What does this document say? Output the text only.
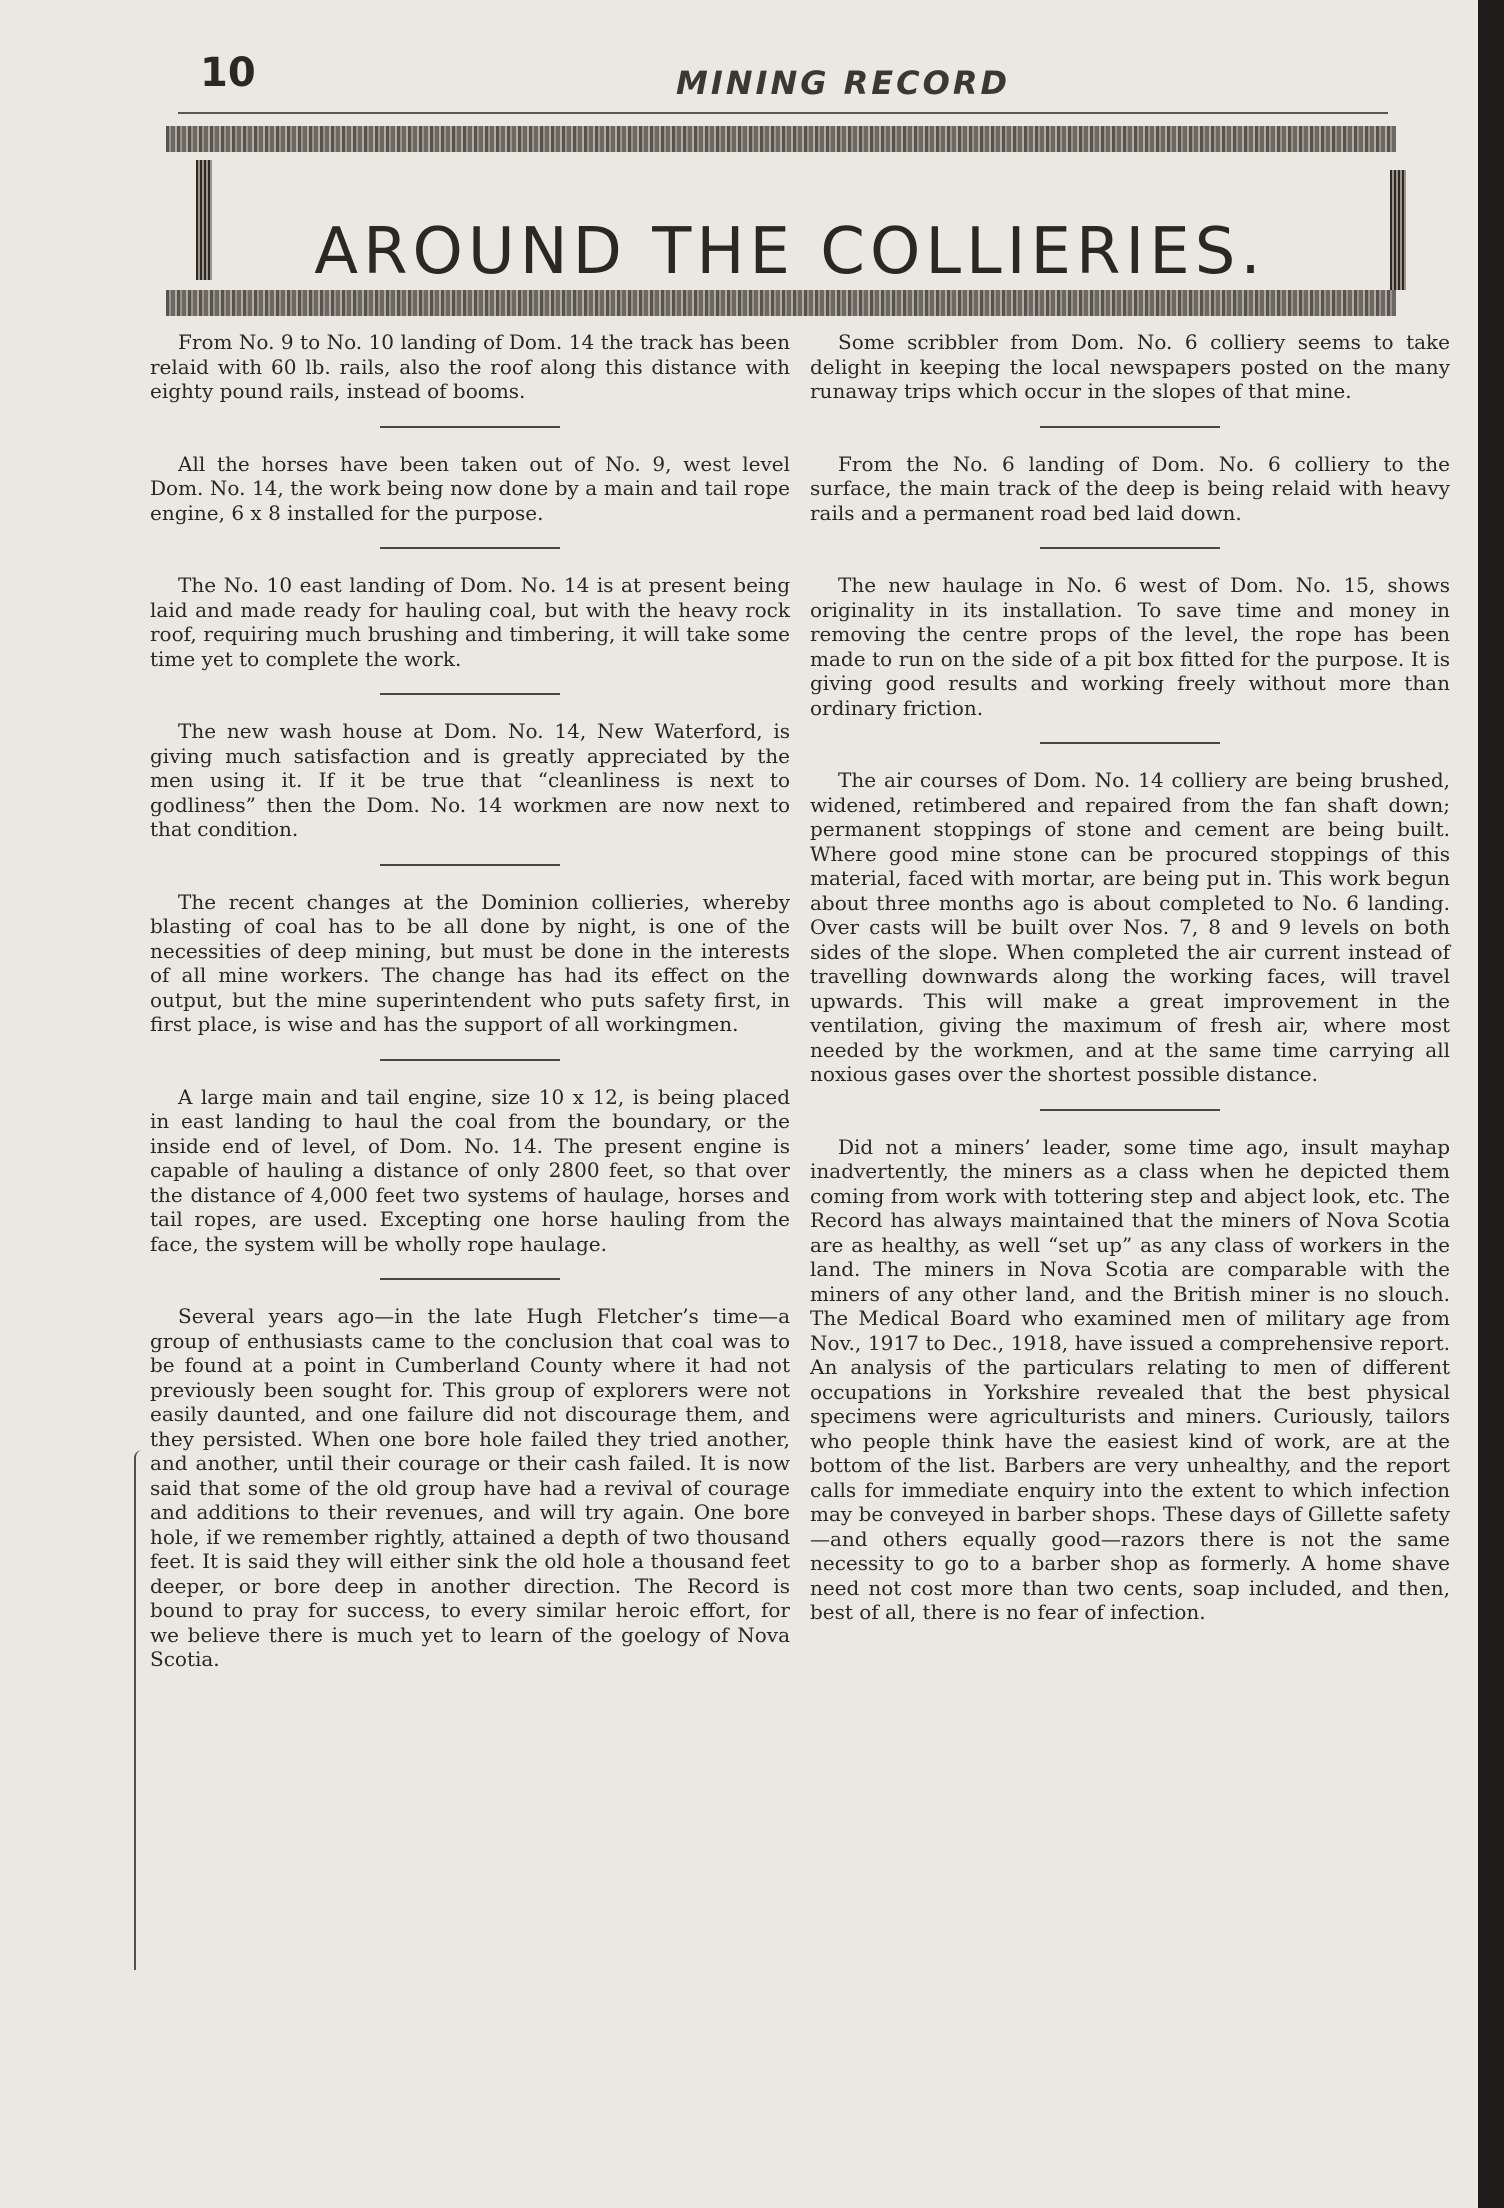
10	MINING RECORD
AROUND THE COLLIERIES.

From No. 9 to No. 10 landing of Dom. 14 the track has been relaid with 60 lb. rails, also the roof along this distance with eighty pound rails, instead of booms.

All the horses have been taken out of No. 9, west level Dom. No. 14, the work being now done by a main and tail rope engine, 6 x 8 installed for the purpose.

The No. 10 east landing of Dom. No. 14 is at present being laid and made ready for hauling coal, but with the heavy rock roof, requiring much brushing and timbering, it will take some time yet to complete the work.

The new wash house at Dom. No. 14, New Waterford, is giving much satisfaction and is greatly appreciated by the men using it. If it be true that “cleanliness is next to godliness” then the Dom. No. 14 workmen are now next to that condition.

The recent changes at the Dominion collieries, whereby blasting of coal has to be all done by night, is one of the necessities of deep mining, but must be done in the interests of all mine workers. The change has had its effect on the output, but the mine superintendent who puts safety first, in first place, is wise and has the support of all workingmen.

A large main and tail engine, size 10 x 12, is being placed in east landing to haul the coal from the boundary, or the inside end of level, of Dom. No. 14. The present engine is capable of hauling a distance of only 2800 feet, so that over the distance of 4,000 feet two systems of haulage, horses and tail ropes, are used. Excepting one horse hauling from the face, the system will be wholly rope haulage.

Several years ago—in the late Hugh Fletcher’s time—a group of enthusiasts came to the conclusion that coal was to be found at a point in Cumberland County where it had not previously been sought for. This group of explorers were not easily daunted, and one failure did not discourage them, and they persisted. When one bore hole failed they tried another, and another, until their courage or their cash failed. It is now said that some of the old group have had a revival of courage and additions to their revenues, and will try again. One bore hole, if we remember rightly, attained a depth of two thousand feet. It is said they will either sink the old hole a thousand feet deeper, or bore deep in another direction. The Record is bound to pray for success, to every similar heroic effort, for we believe there is much yet to learn of the goelogy of Nova Scotia.

Some scribbler from Dom. No. 6 colliery seems to take delight in keeping the local newspapers posted on the many runaway trips which occur in the slopes of that mine.

From the No. 6 landing of Dom. No. 6 colliery to the surface, the main track of the deep is being relaid with heavy rails and a permanent road bed laid down.

The new haulage in No. 6 west of Dom. No. 15, shows originality in its installation. To save time and money in removing the centre props of the level, the rope has been made to run on the side of a pit box fitted for the purpose. It is giving good results and working freely without more than ordinary friction.

The air courses of Dom. No. 14 colliery are being brushed, widened, retimbered and repaired from the fan shaft down; permanent stoppings of stone and cement are being built. Where good mine stone can be procured stoppings of this material, faced with mortar, are being put in. This work begun about three months ago is about completed to No. 6 landing. Over casts will be built over Nos. 7, 8 and 9 levels on both sides of the slope. When completed the air current instead of travelling downwards along the working faces, will travel upwards. This will make a great improvement in the ventilation, giving the maximum of fresh air, where most needed by the workmen, and at the same time carrying all noxious gases over the shortest possible distance.

Did not a miners’ leader, some time ago, insult mayhap inadvertently, the miners as a class when he depicted them coming from work with tottering step and abject look, etc. The Record has always maintained that the miners of Nova Scotia are as healthy, as well “set up” as any class of workers in the land. The miners in Nova Scotia are comparable with the miners of any other land, and the British miner is no slouch. The Medical Board who examined men of military age from Nov., 1917 to Dec., 1918, have issued a comprehensive report. An analysis of the particulars relating to men of different occupations in Yorkshire revealed that the best physical specimens were agriculturists and miners. Curiously, tailors who people think have the easiest kind of work, are at the bottom of the list. Barbers are very unhealthy, and the report calls for immediate enquiry into the extent to which infection may be conveyed in barber shops. These days of Gillette safety—and others equally good—razors there is not the same necessity to go to a barber shop as formerly. A home shave need not cost more than two cents, soap included, and then, best of all, there is no fear of infection.
